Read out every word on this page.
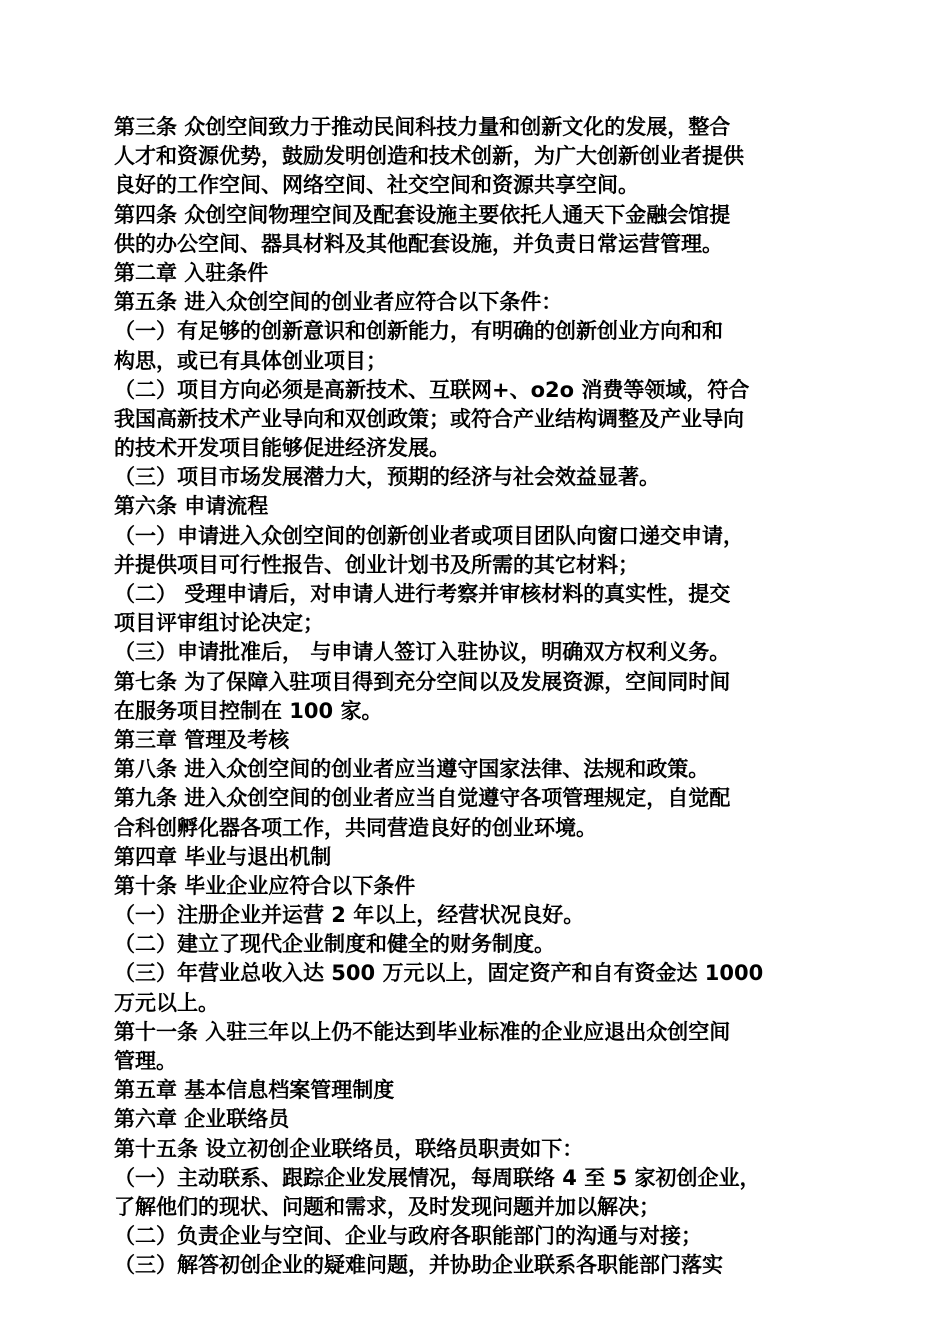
第三条 众创空间致力于推动民间科技力量和创新文化的发展，整合
人才和资源优势，鼓励发明创造和技术创新，为广大创新创业者提供
良好的工作空间、网络空间、社交空间和资源共享空间。
第四条 众创空间物理空间及配套设施主要依托人通天下金融会馆提
供的办公空间、器具材料及其他配套设施，并负责日常运营管理。
第二章 入驻条件
第五条 进入众创空间的创业者应符合以下条件：
（一）有足够的创新意识和创新能力，有明确的创新创业方向和和
构思，或已有具体创业项目；
（二）项目方向必须是高新技术、互联网+、o2o 消费等领域，符合
我国高新技术产业导向和双创政策；或符合产业结构调整及产业导向
的技术开发项目能够促进经济发展。
（三）项目市场发展潜力大，预期的经济与社会效益显著。
第六条 申请流程
（一）申请进入众创空间的创新创业者或项目团队向窗口递交申请，
并提供项目可行性报告、创业计划书及所需的其它材料；
（二） 受理申请后，对申请人进行考察并审核材料的真实性，提交
项目评审组讨论决定；
（三）申请批准后， 与申请人签订入驻协议，明确双方权利义务。
第七条 为了保障入驻项目得到充分空间以及发展资源，空间同时间
在服务项目控制在 100 家。
第三章 管理及考核
第八条 进入众创空间的创业者应当遵守国家法律、法规和政策。
第九条 进入众创空间的创业者应当自觉遵守各项管理规定，自觉配
合科创孵化器各项工作，共同营造良好的创业环境。
第四章 毕业与退出机制
第十条 毕业企业应符合以下条件
（一）注册企业并运营 2 年以上，经营状况良好。
（二）建立了现代企业制度和健全的财务制度。
（三）年营业总收入达 500 万元以上，固定资产和自有资金达 1000
万元以上。
第十一条 入驻三年以上仍不能达到毕业标准的企业应退出众创空间
管理。
第五章 基本信息档案管理制度
第六章 企业联络员
第十五条 设立初创企业联络员，联络员职责如下：
（一）主动联系、跟踪企业发展情况，每周联络 4 至 5 家初创企业，
了解他们的现状、问题和需求，及时发现问题并加以解决；
（二）负责企业与空间、企业与政府各职能部门的沟通与对接；
（三）解答初创企业的疑难问题，并协助企业联系各职能部门落实
